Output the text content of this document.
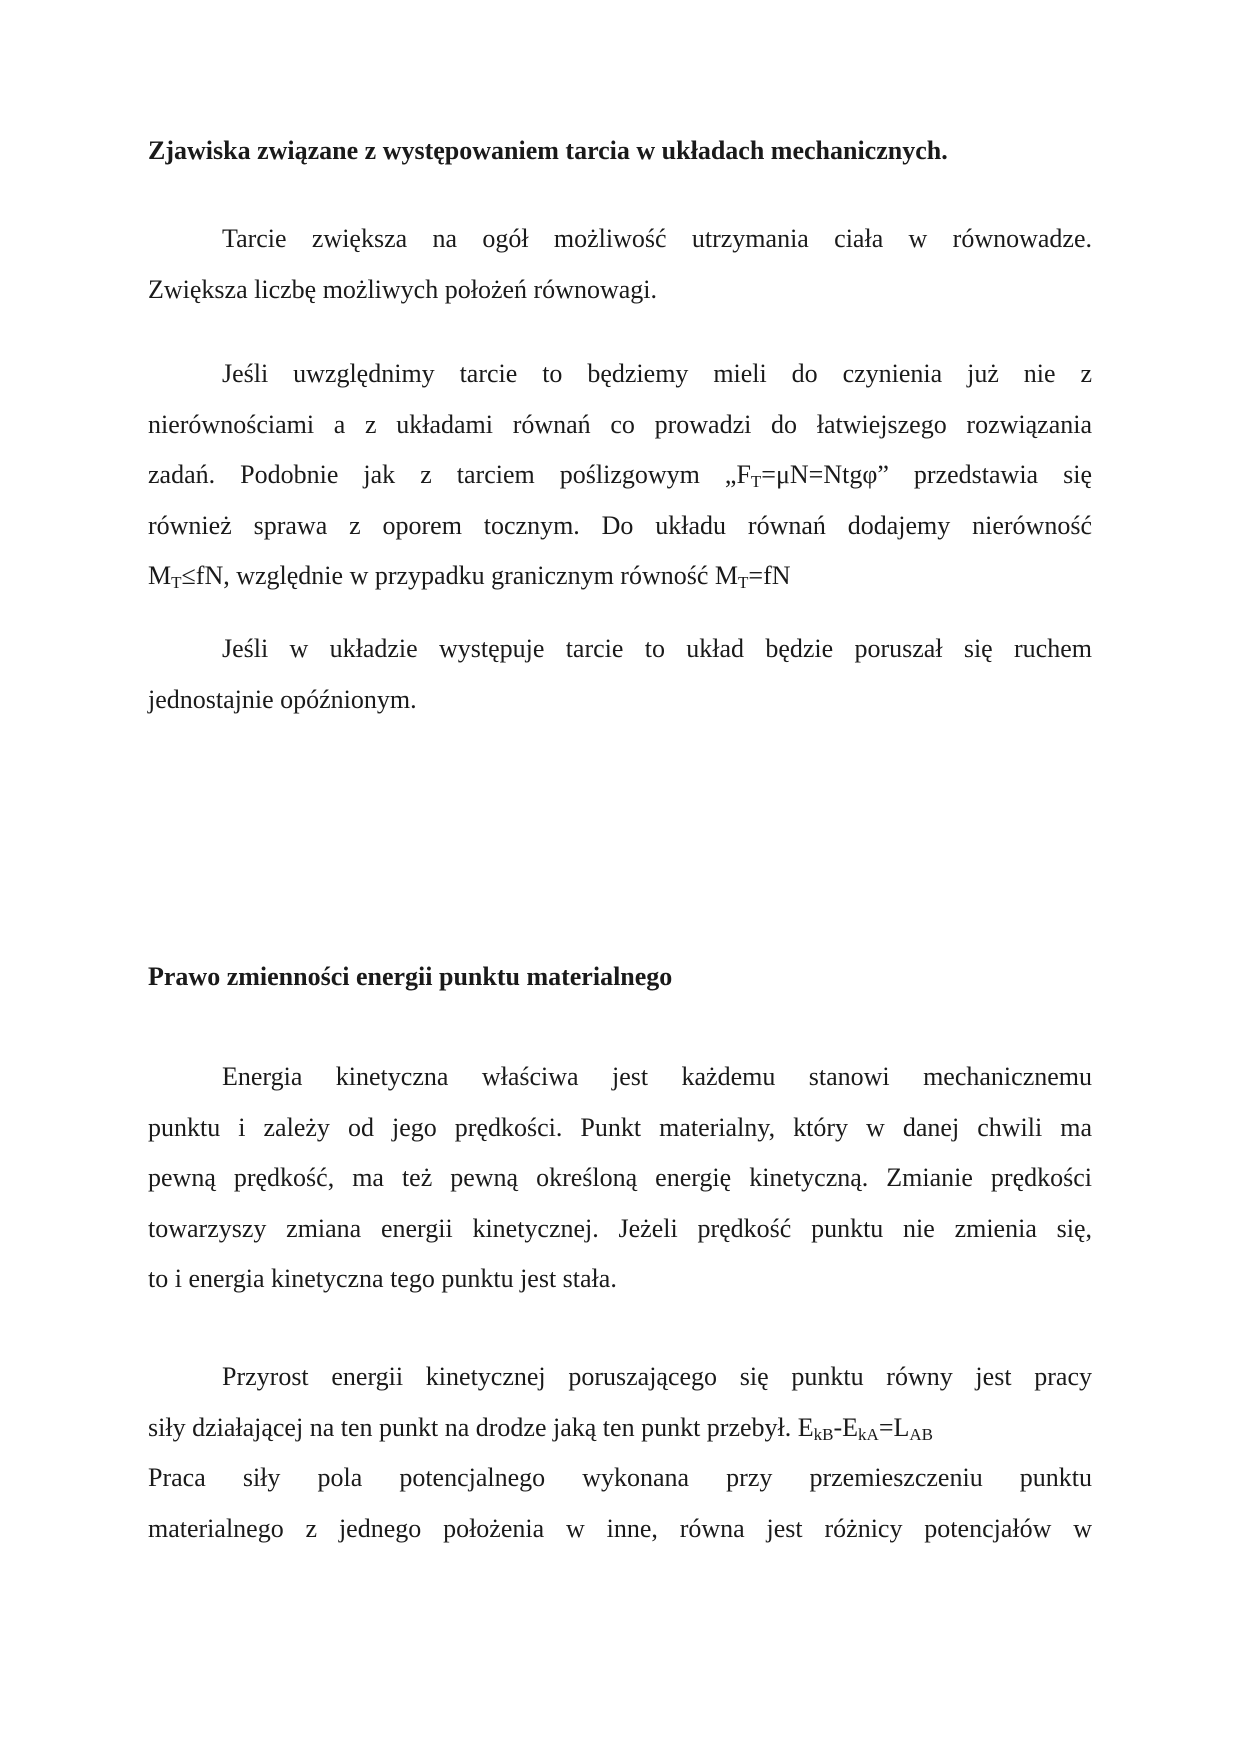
Zjawiska związane z występowaniem tarcia w układach mechanicznych.
Tarcie zwiększa na ogół możliwość utrzymania ciała w równowadze.
Zwiększa liczbę możliwych położeń równowagi.
Jeśli uwzględnimy tarcie to będziemy mieli do czynienia już nie z
nierównościami a z układami równań co prowadzi do łatwiejszego rozwiązania
zadań. Podobnie jak z tarciem poślizgowym $„F_T=\mu N=Ntg\varphi$” przedstawia się
również sprawa z oporem tocznym. Do układu równań dodajemy nierówność
$M_T\le fN$, względnie w przypadku granicznym równość $M_T=fN$
Jeśli w układzie występuje tarcie to układ będzie poruszał się ruchem
jednostajnie opóźnionym.
Prawo zmienności energii punktu materialnego
Energia kinetyczna właściwa jest każdemu stanowi mechanicznemu
punktu i zależy od jego prędkości. Punkt materialny, który w danej chwili ma
pewną prędkość, ma też pewną określoną energię kinetyczną. Zmianie prędkości
towarzyszy zmiana energii kinetycznej. Jeżeli prędkość punktu nie zmienia się,
to i energia kinetyczna tego punktu jest stała.
Przyrost energii kinetycznej poruszającego się punktu równy jest pracy
siły działającej na ten punkt na drodze jaką ten punkt przebył. $E_{kB}-E_{kA}=L_{AB}$
Praca siły pola potencjalnego wykonana przy przemieszczeniu punktu
materialnego z jednego położenia w inne, równa jest różnicy potencjałów w
